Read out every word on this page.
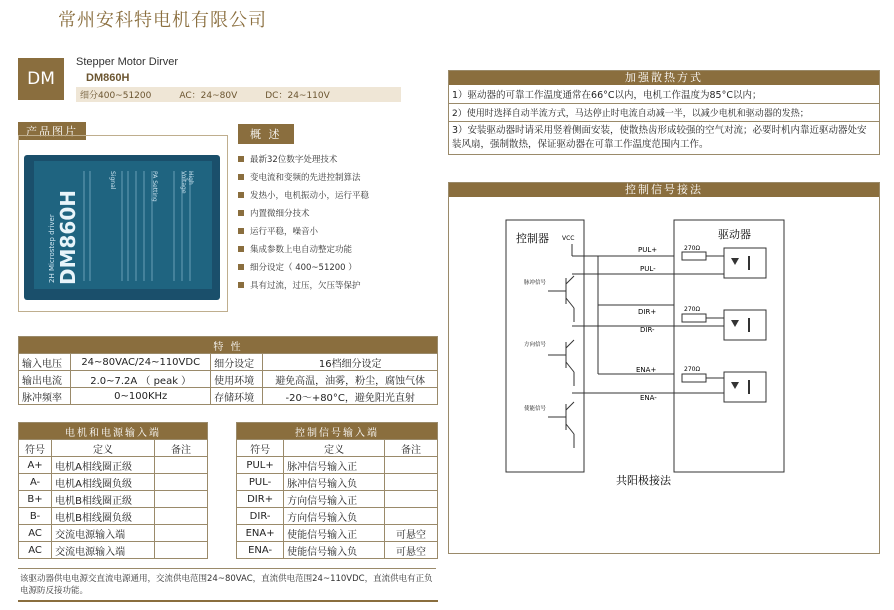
常州安科特电机有限公司
DM
Stepper Motor Dirver
DM860H
细分400~51200	AC：24~80V	DC：24~110V
产品图片
2H Microstep driver DM860H
Signal	PA Setting	High Voltage
概 述
最新32位数字处理技术
变电流和变频的先进控制算法
发热小，电机振动小，运行平稳
内置微细分技术
运行平稳，噪音小
集成参数上电自动整定功能
细分设定（ 400~51200 ）
具有过流，过压，欠压等保护
特 性			
输入电压	24~80VAC/24~110VDC	细分设定	16档细分设定
输出电流	2.0~7.2A （ peak ）	使用环境	避免高温，油雾，粉尘，腐蚀气体
脉冲频率	0~100KHz	存储环境	-20～+80°C，避免阳光直射
电机和电源输入端		
符号	定义	备注
A+	电机A相线圈正级	
A-	电机A相线圈负级	
B+	电机B相线圈正级	
B-	电机B相线圈负级	
AC	交流电源输入端	
AC	交流电源输入端	
控制信号输入端		
符号	定义	备注
PUL+	脉冲信号输入正	
PUL-	脉冲信号输入负	
DIR+	方向信号输入正	
DIR-	方向信号输入负	
ENA+	使能信号输入正	可悬空
ENA-	使能信号输入负	可悬空
该驱动器供电电源交直流电源通用，交流供电范围24~80VAC，直流供电范围24~110VDC，直流供电有正负电源防反接功能。
加强散热方式
1）驱动器的可靠工作温度通常在66°C以内，电机工作温度为85°C以内；
2）使用时选择自动半流方式，马达停止时电流自动减一半，以减少电机和驱动器的发热；
3）安装驱动器时请采用竖着侧面安装，使散热齿形成较强的空气对流；必要时机内靠近驱动器处安装风扇，强制散热，保证驱动器在可靠工作温度范围内工作。
控制信号接法
控制器	驱动器
VCC
PUL+
PUL-
DIR+
DIR-
ENA+
ENA-
270Ω
270Ω
270Ω
脉冲信号
方向信号
使能信号
共阳极接法
